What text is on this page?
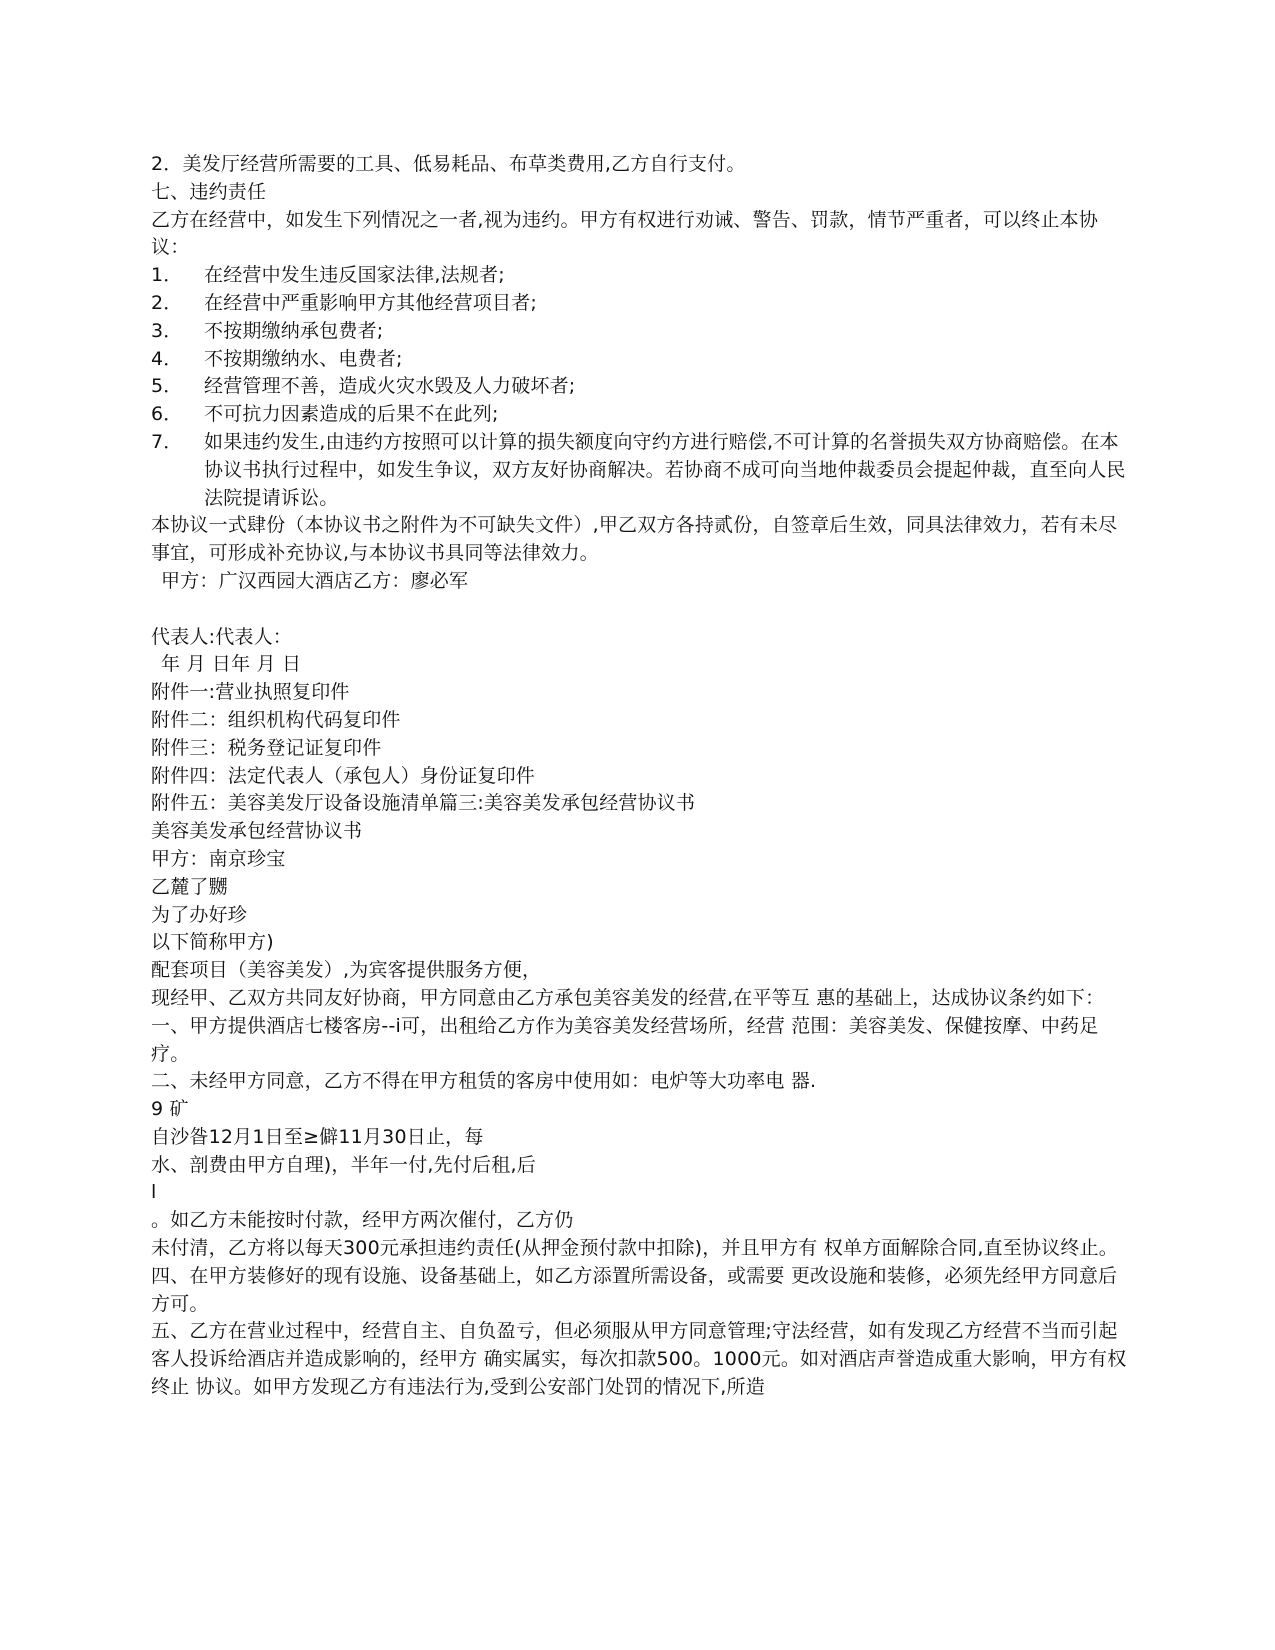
2．美发厅经营所需要的工具、低易耗品、布草类费用,乙方自行支付。

七、违约责任

乙方在经营中，如发生下列情况之一者,视为违约。甲方有权进行劝诫、警告、罚款，情节严重者，可以终止本协议：

1．	在经营中发生违反国家法律,法规者;
2．	在经营中严重影响甲方其他经营项目者;
3．	不按期缴纳承包费者;
4．	不按期缴纳水、电费者;
5．	经营管理不善，造成火灾水毁及人力破坏者;
6．	不可抗力因素造成的后果不在此列;
7．	如果违约发生,由违约方按照可以计算的损失额度向守约方进行赔偿,不可计算的名誉损失双方协商赔偿。在本协议书执行过程中，如发生争议，双方友好协商解决。若协商不成可向当地仲裁委员会提起仲裁，直至向人民法院提请诉讼。

本协议一式肆份（本协议书之附件为不可缺失文件）,甲乙双方各持贰份，自签章后生效，同具法律效力，若有未尽事宜，可形成补充协议,与本协议书具同等法律效力。

甲方：广汉西园大酒店乙方：廖必军

代表人:代表人：

年 月 日年 月 日

附件一:营业执照复印件

附件二：组织机构代码复印件

附件三：税务登记证复印件

附件四：法定代表人（承包人）身份证复印件

附件五：美容美发厅设备设施清单篇三:美容美发承包经营协议书

美容美发承包经营协议书

甲方：南京珍宝

乙麓了嬲

为了办好珍

以下简称甲方)

配套项目（美容美发）,为宾客提供服务方便，

现经甲、乙双方共同友好协商，甲方同意由乙方承包美容美发的经营,在平等互 惠的基础上，达成协议条约如下：

一、甲方提供酒店七楼客房--i可，出租给乙方作为美容美发经营场所，经营 范围：美容美发、保健按摩、中药足疗。

二、未经甲方同意，乙方不得在甲方租赁的客房中使用如：电炉等大功率电 器.

9 矿

自沙昝12月1日至≥僻11月30日止，每

水、剖费由甲方自理)，半年一付,先付后租,后

l

。如乙方未能按时付款，经甲方两次催付，乙方仍

未付清，乙方将以每天300元承担违约责任(从押金预付款中扣除)，并且甲方有 权单方面解除合同,直至协议终止。

四、在甲方装修好的现有设施、设备基础上，如乙方添置所需设备，或需要 更改设施和装修，必须先经甲方同意后方可。

五、乙方在营业过程中，经营自主、自负盈亏，但必须服从甲方同意管理;守法经营，如有发现乙方经营不当而引起客人投诉给酒店并造成影响的，经甲方 确实属实，每次扣款500。1000元。如对酒店声誉造成重大影响，甲方有权终止 协议。如甲方发现乙方有违法行为,受到公安部门处罚的情况下,所造
